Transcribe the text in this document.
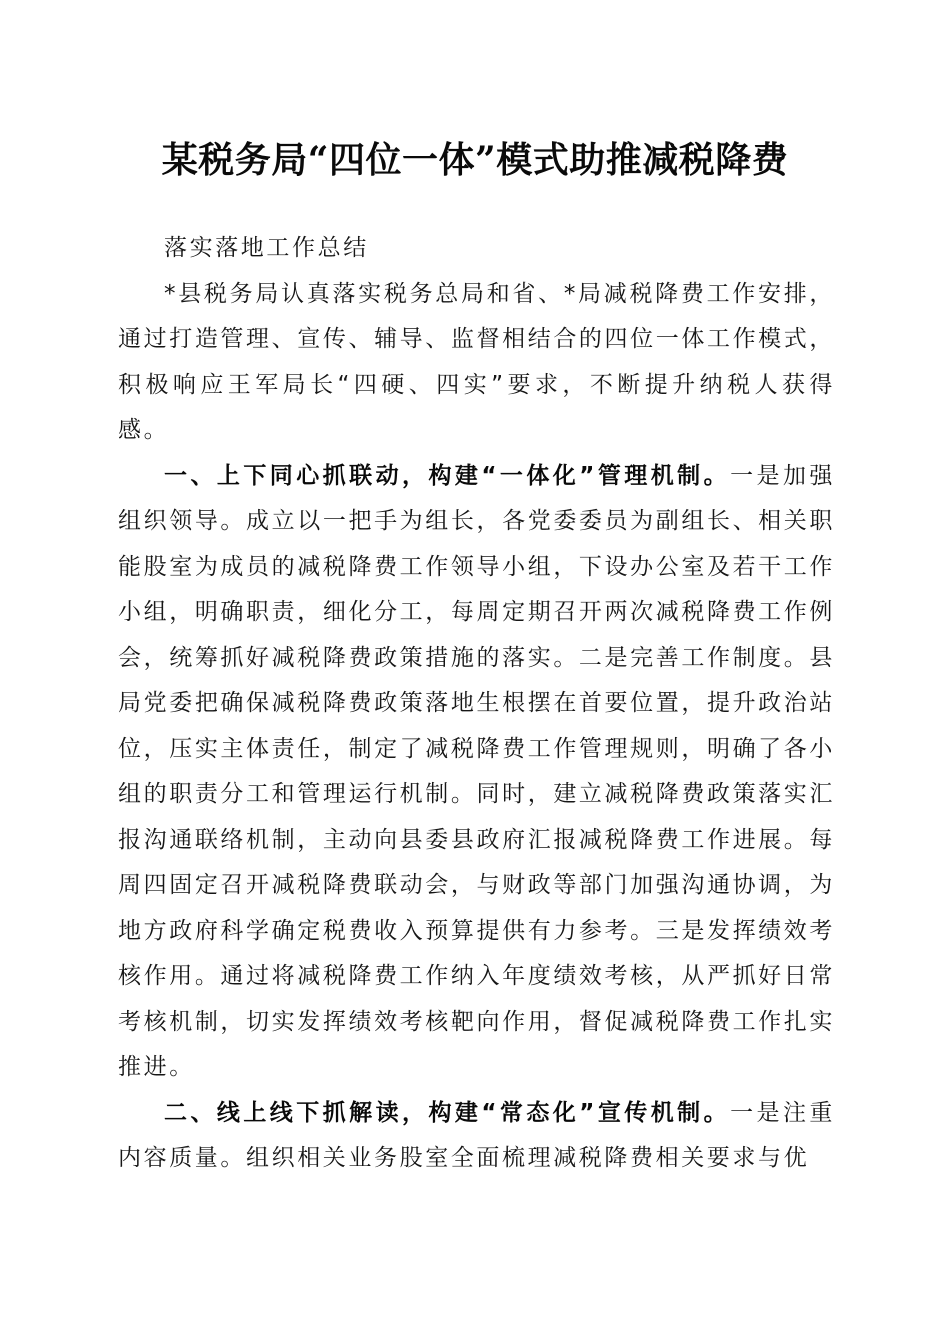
某税务局“四位一体”模式助推减税降费

落实落地工作总结

*县税务局认真落实税务总局和省、*局减税降费工作安排，通过打造管理、宣传、辅导、监督相结合的四位一体工作模式，积极响应王军局长“四硬、四实”要求，不断提升纳税人获得感。

一、上下同心抓联动，构建“一体化”管理机制。一是加强组织领导。成立以一把手为组长，各党委委员为副组长、相关职能股室为成员的减税降费工作领导小组，下设办公室及若干工作小组，明确职责，细化分工，每周定期召开两次减税降费工作例会，统筹抓好减税降费政策措施的落实。二是完善工作制度。县局党委把确保减税降费政策落地生根摆在首要位置，提升政治站位，压实主体责任，制定了减税降费工作管理规则，明确了各小组的职责分工和管理运行机制。同时，建立减税降费政策落实汇报沟通联络机制，主动向县委县政府汇报减税降费工作进展。每周四固定召开减税降费联动会，与财政等部门加强沟通协调，为地方政府科学确定税费收入预算提供有力参考。三是发挥绩效考核作用。通过将减税降费工作纳入年度绩效考核，从严抓好日常考核机制，切实发挥绩效考核靶向作用，督促减税降费工作扎实推进。

二、线上线下抓解读，构建“常态化”宣传机制。一是注重内容质量。组织相关业务股室全面梳理减税降费相关要求与优
